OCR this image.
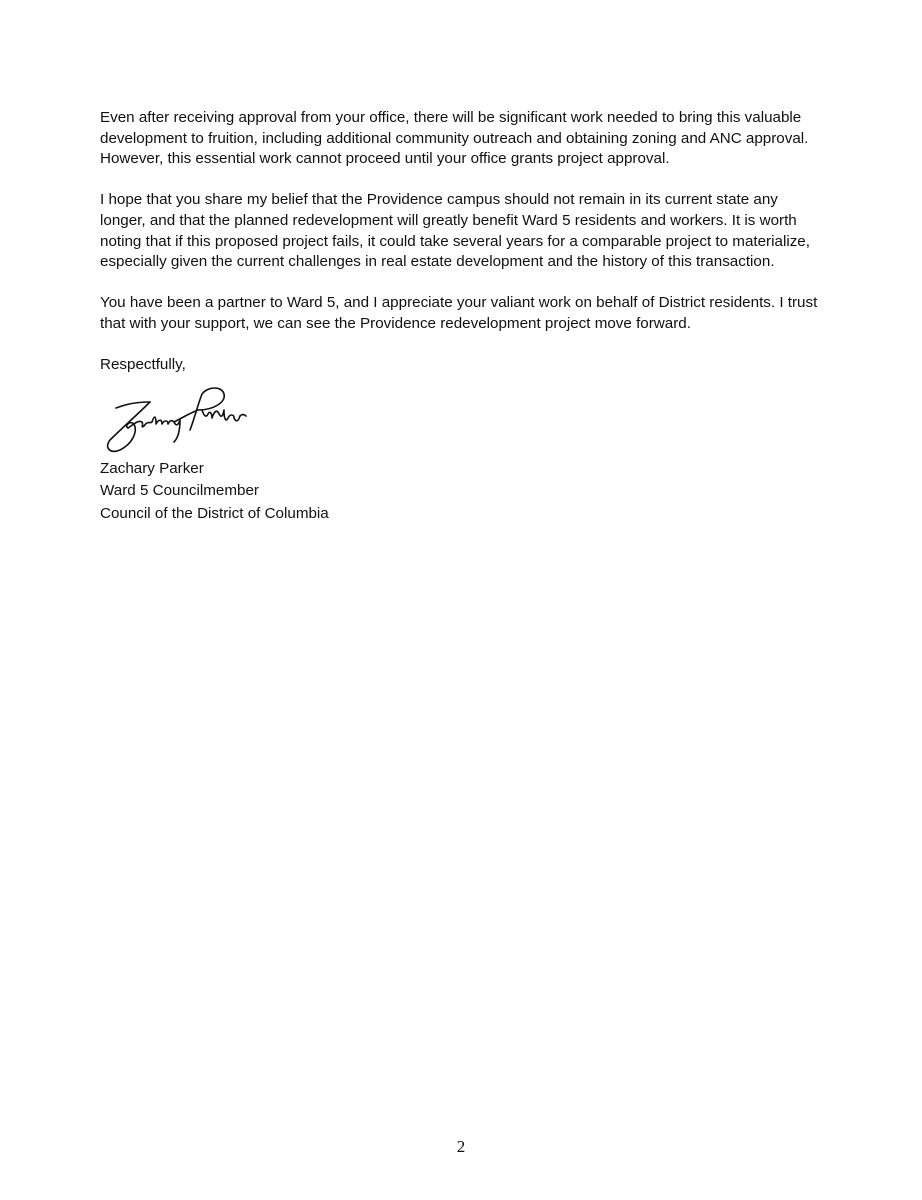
Even after receiving approval from your office, there will be significant work needed to bring this valuable development to fruition, including additional community outreach and obtaining zoning and ANC approval. However, this essential work cannot proceed until your office grants project approval.

I hope that you share my belief that the Providence campus should not remain in its current state any longer, and that the planned redevelopment will greatly benefit Ward 5 residents and workers. It is worth noting that if this proposed project fails, it could take several years for a comparable project to materialize, especially given the current challenges in real estate development and the history of this transaction.

You have been a partner to Ward 5, and I appreciate your valiant work on behalf of District residents. I trust that with your support, we can see the Providence redevelopment project move forward.

Respectfully,

Zachary Parker

Ward 5 Councilmember

Council of the District of Columbia

2
